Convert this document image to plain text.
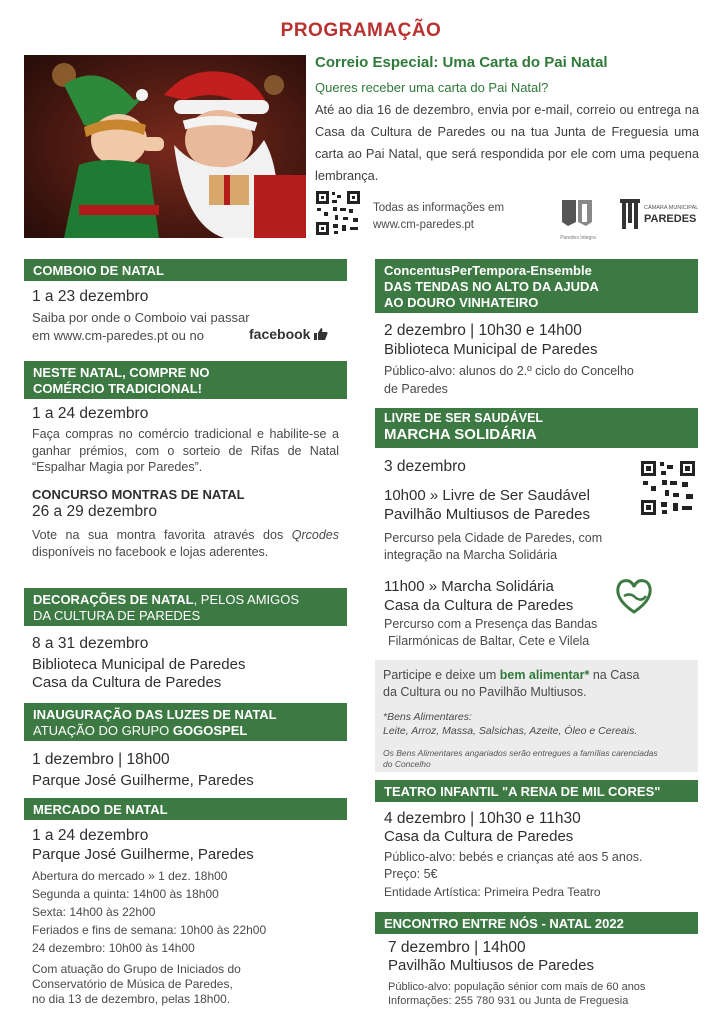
PROGRAMAÇÃO
Correio Especial: Uma Carta do Pai Natal
Queres receber uma carta do Pai Natal?
Até ao dia 16 de dezembro, envia por e-mail, correio ou entrega na Casa da Cultura de Paredes ou na tua Junta de Freguesia uma carta ao Pai Natal, que será respondida por ele com uma pequena lembrança.
Todas as informações em
www.cm-paredes.pt
Paredes Integra
CÂMARA MUNICIPAL
PAREDES
COMBOIO DE NATAL
1 a 23 dezembro
Saiba por onde o Comboio vai passar
em www.cm-paredes.pt ou no	facebook
NESTE NATAL, COMPRE NO
COMÉRCIO TRADICIONAL!
1 a 24 dezembro
Faça compras no comércio tradicional e habilite-se a ganhar prémios, com o sorteio de Rifas de Natal “Espalhar Magia por Paredes”.
CONCURSO MONTRAS DE NATAL
26 a 29 dezembro
Vote na sua montra favorita através dos Qrcodes disponíveis no facebook e lojas aderentes.
DECORAÇÕES DE NATAL, PELOS AMIGOS
DA CULTURA DE PAREDES
8 a 31 dezembro
Biblioteca Municipal de Paredes
Casa da Cultura de Paredes
INAUGURAÇÃO DAS LUZES DE NATAL
ATUAÇÃO DO GRUPO GOGOSPEL
1 dezembro | 18h00
Parque José Guilherme, Paredes
MERCADO DE NATAL
1 a 24 dezembro
Parque José Guilherme, Paredes
Abertura do mercado » 1 dez. 18h00
Segunda a quinta: 14h00 às 18h00
Sexta: 14h00 às 22h00
Feriados e fins de semana: 10h00 às 22h00
24 dezembro: 10h00 às 14h00
Com atuação do Grupo de Iniciados do
Conservatório de Música de Paredes,
no dia 13 de dezembro, pelas 18h00.
ConcentusPerTempora-Ensemble
DAS TENDAS NO ALTO DA AJUDA
AO DOURO VINHATEIRO
2 dezembro | 10h30 e 14h00
Biblioteca Municipal de Paredes
Público-alvo: alunos do 2.º ciclo do Concelho
de Paredes
LIVRE DE SER SAUDÁVEL
MARCHA SOLIDÁRIA
3 dezembro
10h00 » Livre de Ser Saudável
Pavilhão Multiusos de Paredes
Percurso pela Cidade de Paredes, com
integração na Marcha Solidária
11h00 » Marcha Solidária
Casa da Cultura de Paredes
Percurso com a Presença das Bandas
Filarmónicas de Baltar, Cete e Vilela
Participe e deixe um bem alimentar* na Casa
da Cultura ou no Pavilhão Multiusos.
*Bens Alimentares:
Leite, Arroz, Massa, Salsichas, Azeite, Óleo e Cereais.
Os Bens Alimentares angariados serão entregues a famílias carenciadas
do Concelho
TEATRO INFANTIL "A RENA DE MIL CORES"
4 dezembro | 10h30 e 11h30
Casa da Cultura de Paredes
Público-alvo: bebés e crianças até aos 5 anos.
Preço: 5€
Entidade Artística: Primeira Pedra Teatro
ENCONTRO ENTRE NÓS - NATAL 2022
7 dezembro | 14h00
Pavilhão Multiusos de Paredes
Público-alvo: população sénior com mais de 60 anos
Informações: 255 780 931 ou Junta de Freguesia
